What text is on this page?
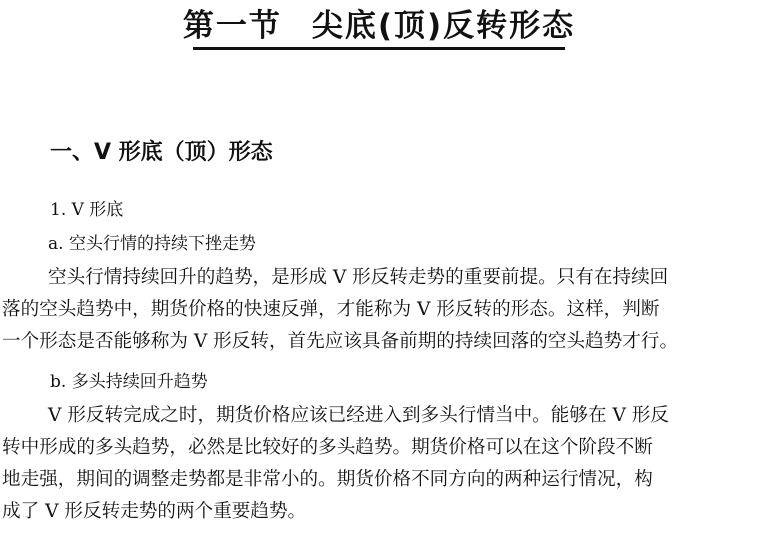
第一节 尖底(顶)反转形态
一、V 形底（顶）形态
1. V 形底
a. 空头行情的持续下挫走势
空头行情持续回升的趋势，是形成 V 形反转走势的重要前提。只有在持续回
落的空头趋势中，期货价格的快速反弹，才能称为 V 形反转的形态。这样，判断
一个形态是否能够称为 V 形反转，首先应该具备前期的持续回落的空头趋势才行。
b. 多头持续回升趋势
V 形反转完成之时，期货价格应该已经进入到多头行情当中。能够在 V 形反
转中形成的多头趋势，必然是比较好的多头趋势。期货价格可以在这个阶段不断
地走强，期间的调整走势都是非常小的。期货价格不同方向的两种运行情况，构
成了 V 形反转走势的两个重要趋势。
